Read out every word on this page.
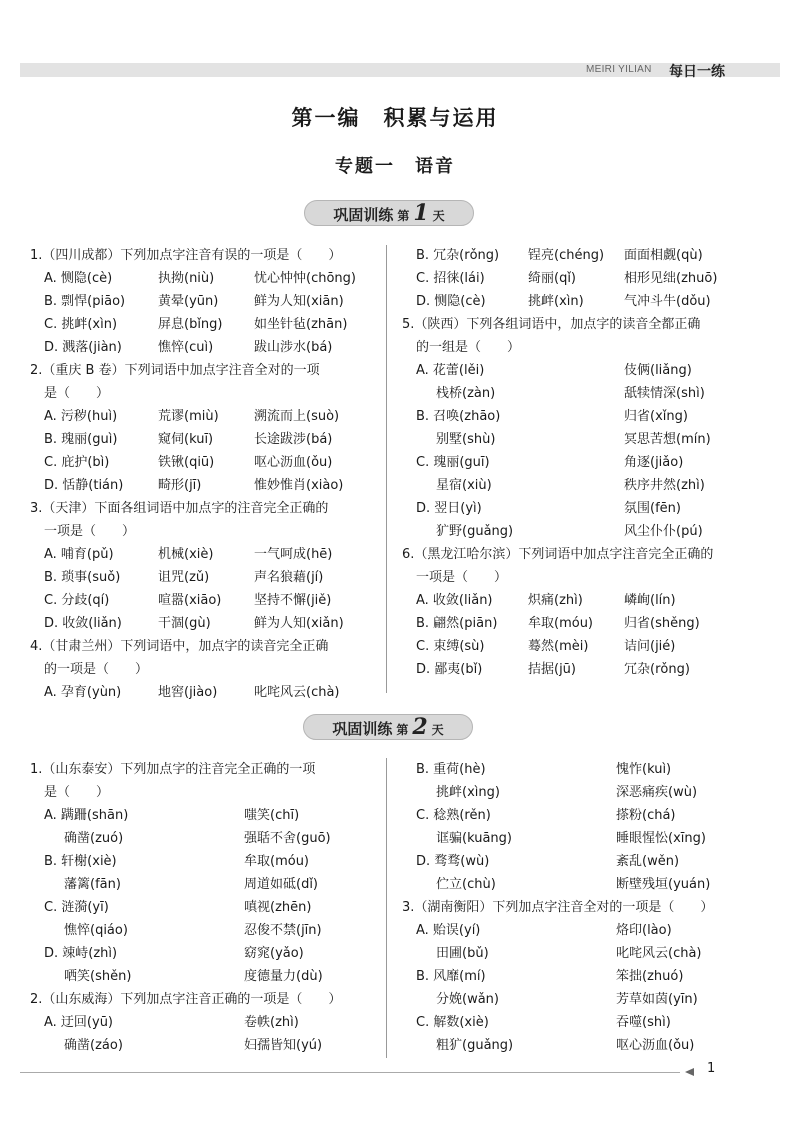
MEIRI YILIAN 每日一练
第一编　积累与运用
专题一　语音
巩固训练 第 1 天
1.（四川成都）下列加点字注音有误的一项是（　　）
A. 恻隐(cè)	执拗(niù)	忧心忡忡(chōng)
B. 剽悍(piāo)	黄晕(yūn)	鲜为人知(xiān)
C. 挑衅(xìn)	屏息(bǐng) 如坐针毡(zhān)
D. 溅落(jiàn)	憔悴(cuì)	跋山涉水(bá)
2.（重庆 B 卷）下列词语中加点字注音全对的一项
是（　　）
A. 污秽(huì)	荒谬(miù)	溯流而上(suò)
B. 瑰丽(guì)	窥伺(kuī)	长途跋涉(bá)
C. 庇护(bì)	铁锹(qiū)	呕心沥血(ǒu)
D. 恬静(tián)	畸形(jī)	惟妙惟肖(xiào)
3.（天津）下面各组词语中加点字的注音完全正确的
一项是（　　）
A. 哺育(pǔ)	机械(xiè)	一气呵成(hē)
B. 琐事(suǒ)	诅咒(zǔ)	声名狼藉(jí)
C. 分歧(qí)	喧嚣(xiāo)	坚持不懈(jiě)
D. 收敛(liǎn)	干涸(gù)	鲜为人知(xiǎn)
4.（甘肃兰州）下列词语中，加点字的读音完全正确
的一项是（　　）
A. 孕育(yùn)	地窖(jiào)	叱咤风云(chà)
B. 冗杂(rǒng) 锃亮(chéng) 面面相觑(qù)
C. 招徕(lái)	绮丽(qǐ)	相形见绌(zhuō)
D. 恻隐(cè)	挑衅(xìn)	气冲斗牛(dǒu)
5.（陕西）下列各组词语中，加点字的读音全都正确
的一组是（　　）
A. 花蕾(lěi)	伎俩(liǎng)
栈桥(zàn)	舐犊情深(shì)
B. 召唤(zhāo)	归省(xǐng)
别墅(shù)	冥思苦想(mín)
C. 瑰丽(guī)	角逐(jiǎo)
星宿(xiù)	秩序井然(zhì)
D. 翌日(yì)	氛围(fēn)
犷野(guǎng)	风尘仆仆(pú)
6.（黑龙江哈尔滨）下列词语中加点字注音完全正确的
一项是（　　）
A. 收敛(liǎn)	炽痛(zhì)	嶙峋(lín)
B. 翩然(piān) 牟取(móu) 归省(shěng)
C. 束缚(sù)	蓦然(mèi)	诘问(jié)
D. 鄙夷(bǐ)	拮据(jū)	冗杂(rǒng)
巩固训练 第 2 天
1.（山东泰安）下列加点字的注音完全正确的一项
是（　　）
A. 蹒跚(shān)	嗤笑(chī)
确凿(zuó)	强聒不舍(guō)
B. 轩榭(xiè)	牟取(móu)
藩篱(fān)	周道如砥(dǐ)
C. 涟漪(yī)	嗔视(zhēn)
憔悴(qiáo)	忍俊不禁(jīn)
D. 竦峙(zhì)	窈窕(yǎo)
哂笑(shěn)	度德量力(dù)
2.（山东威海）下列加点字注音正确的一项是（　　）
A. 迂回(yū)	卷帙(zhì)
确凿(záo)	妇孺皆知(yú)
B. 重荷(hè)	愧怍(kuì)
挑衅(xìng)	深恶痛疾(wù)
C. 稔熟(rěn)	搽粉(chá)
诓骗(kuāng)	睡眼惺忪(xīng)
D. 骛骛(wù)	紊乱(wěn)
伫立(chù)	断壁残垣(yuán)
3.（湖南衡阳）下列加点字注音全对的一项是（　　）
A. 贻误(yí)	烙印(lào)
田圃(bǔ)	叱咤风云(chà)
B. 风靡(mí)	笨拙(zhuó)
分娩(wǎn)	芳草如茵(yīn)
C. 解数(xiè)	吞噬(shì)
粗犷(guǎng)	呕心沥血(ǒu)
1
